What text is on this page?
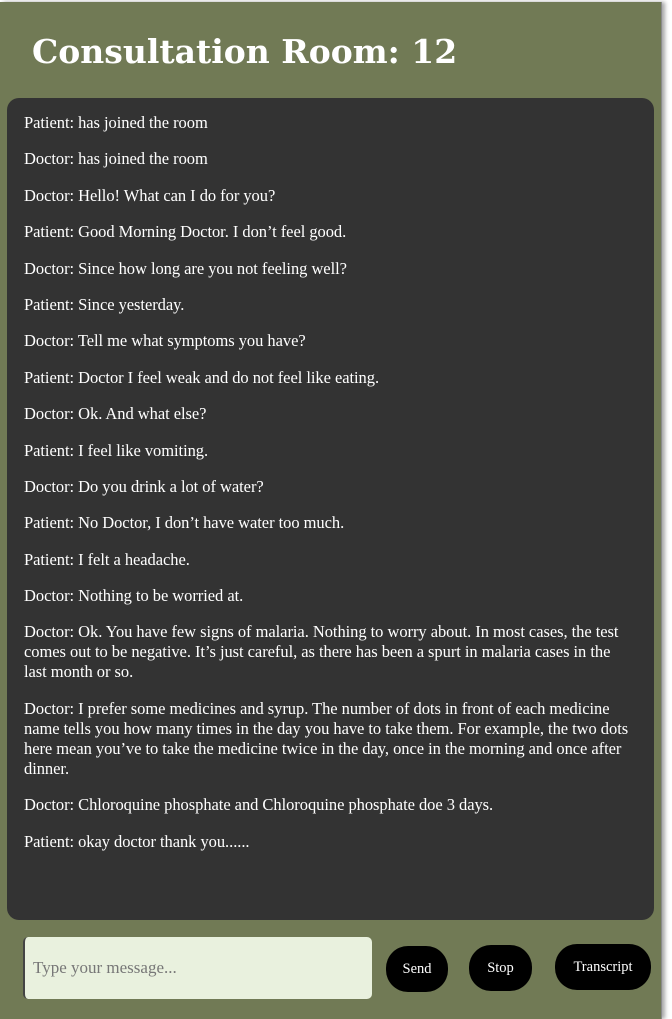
Consultation Room: 12

Patient: has joined the room

Doctor: has joined the room

Doctor: Hello! What can I do for you?

Patient: Good Morning Doctor. I don’t feel good.

Doctor: Since how long are you not feeling well?

Patient: Since yesterday.

Doctor: Tell me what symptoms you have?

Patient: Doctor I feel weak and do not feel like eating.

Doctor: Ok. And what else?

Patient: I feel like vomiting.

Doctor: Do you drink a lot of water?

Patient: No Doctor, I don’t have water too much.

Patient: I felt a headache.

Doctor: Nothing to be worried at.

Doctor: Ok. You have few signs of malaria. Nothing to worry about. In most cases, the test comes out to be negative. It’s just careful, as there has been a spurt in malaria cases in the last month or so.

Doctor: I prefer some medicines and syrup. The number of dots in front of each medicine name tells you how many times in the day you have to take them. For example, the two dots here mean you’ve to take the medicine twice in the day, once in the morning and once after dinner.

Doctor: Chloroquine phosphate and Chloroquine phosphate doe 3 days.

Patient: okay doctor thank you......

Type your message...
Send	Stop	Transcript
